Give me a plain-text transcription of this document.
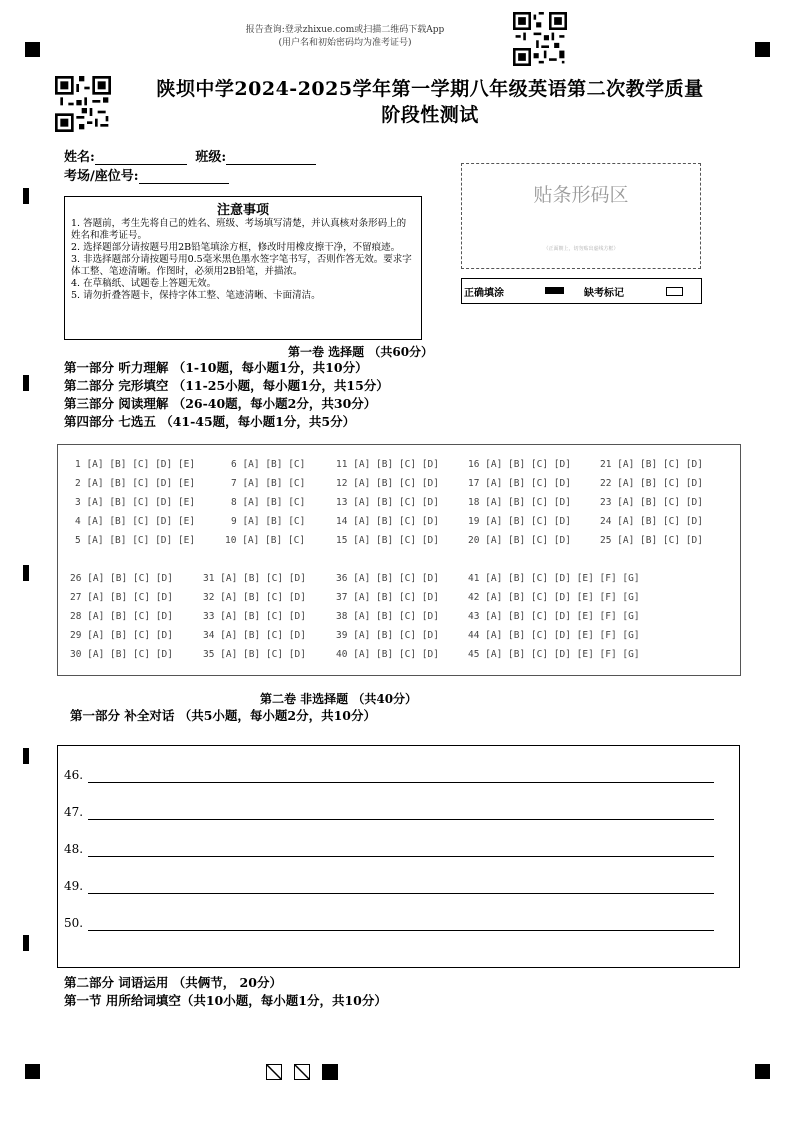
报告查询:登录zhixue.com或扫描二维码下载App
(用户名和初始密码均为准考证号)
陕坝中学2024-2025学年第一学期八年级英语第二次教学质量
阶段性测试
姓名:	班级:
考场/座位号:
注意事项
1. 答题前，考生先将自己的姓名、班级、考场填写清楚，并认真核对条形码上的姓名和准考证号。
2. 选择题部分请按题号用2B铅笔填涂方框，修改时用橡皮擦干净，不留痕迹。
3. 非选择题部分请按题号用0.5毫米黑色墨水签字笔书写，否则作答无效。要求字体工整、笔迹清晰。作图时，必须用2B铅笔，并描浓。
4. 在草稿纸、试题卷上答题无效。
5. 请勿折叠答题卡，保持字体工整、笔迹清晰、卡面清洁。
贴条形码区
（正面朝上，切勿贴出虚线方框）
正确填涂	缺考标记
第一卷 选择题 （共60分）
第一部分 听力理解 （1-10题，每小题1分，共10分）
第二部分 完形填空 （11-25小题，每小题1分，共15分）
第三部分 阅读理解 （26-40题，每小题2分，共30分）
第四部分 七选五 （41-45题，每小题1分，共5分）
1 [A] [B] [C] [D] [E]	6 [A] [B] [C]	11 [A] [B] [C] [D]	16 [A] [B] [C] [D]	21 [A] [B] [C] [D]
2 [A] [B] [C] [D] [E]	7 [A] [B] [C]	12 [A] [B] [C] [D]	17 [A] [B] [C] [D]	22 [A] [B] [C] [D]
3 [A] [B] [C] [D] [E]	8 [A] [B] [C]	13 [A] [B] [C] [D]	18 [A] [B] [C] [D]	23 [A] [B] [C] [D]
4 [A] [B] [C] [D] [E]	9 [A] [B] [C]	14 [A] [B] [C] [D]	19 [A] [B] [C] [D]	24 [A] [B] [C] [D]
5 [A] [B] [C] [D] [E]	10 [A] [B] [C]	15 [A] [B] [C] [D]	20 [A] [B] [C] [D]	25 [A] [B] [C] [D]
26 [A] [B] [C] [D]	31 [A] [B] [C] [D]	36 [A] [B] [C] [D]	41 [A] [B] [C] [D] [E] [F] [G]
27 [A] [B] [C] [D]	32 [A] [B] [C] [D]	37 [A] [B] [C] [D]	42 [A] [B] [C] [D] [E] [F] [G]
28 [A] [B] [C] [D]	33 [A] [B] [C] [D]	38 [A] [B] [C] [D]	43 [A] [B] [C] [D] [E] [F] [G]
29 [A] [B] [C] [D]	34 [A] [B] [C] [D]	39 [A] [B] [C] [D]	44 [A] [B] [C] [D] [E] [F] [G]
30 [A] [B] [C] [D]	35 [A] [B] [C] [D]	40 [A] [B] [C] [D]	45 [A] [B] [C] [D] [E] [F] [G]
第二卷 非选择题 （共40分）
第一部分 补全对话 （共5小题，每小题2分，共10分）
46.
47.
48.
49.
50.
第二部分 词语运用 （共俩节， 20分）
第一节 用所给词填空（共10小题，每小题1分，共10分）
